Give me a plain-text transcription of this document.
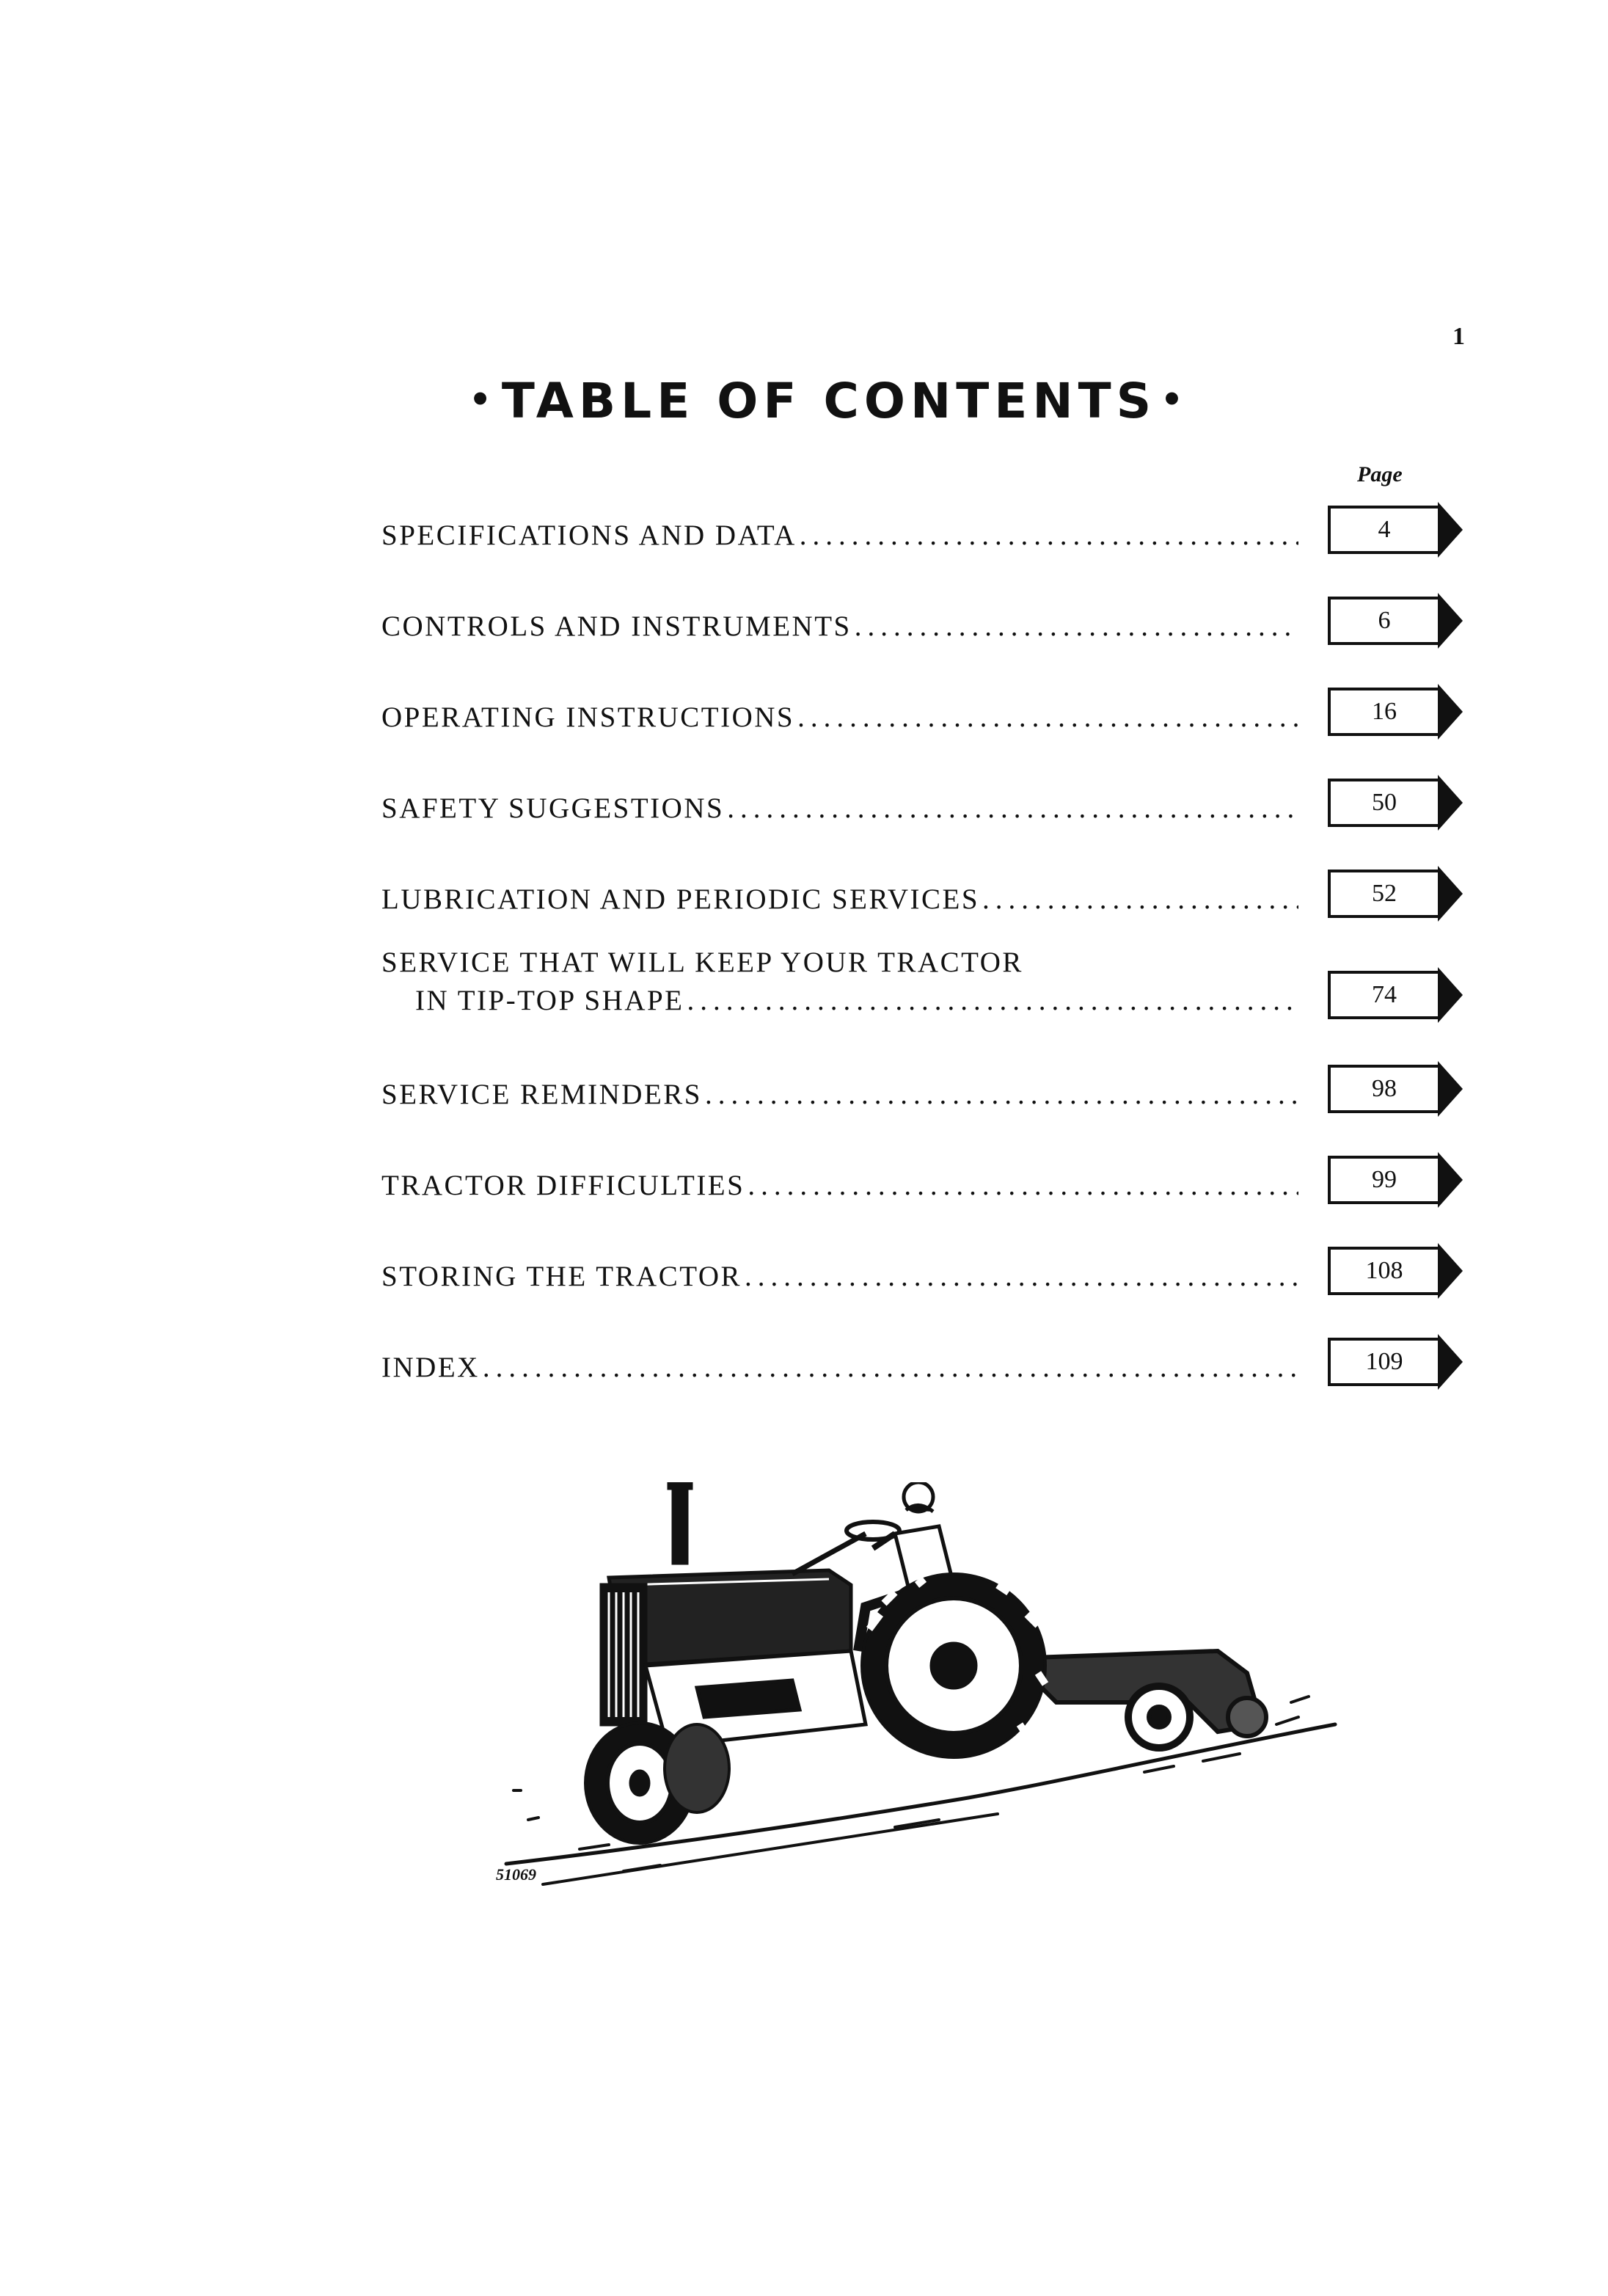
1
• TABLE OF CONTENTS •
Page
SPECIFICATIONS AND DATA .....	4
CONTROLS AND INSTRUMENTS .....	6
OPERATING INSTRUCTIONS .....	16
SAFETY SUGGESTIONS .....	50
LUBRICATION AND PERIODIC SERVICES .....	52
SERVICE THAT WILL KEEP YOUR TRACTOR
IN TIP-TOP SHAPE .....	74
SERVICE REMINDERS .....	98
TRACTOR DIFFICULTIES .....	99
STORING THE TRACTOR .....	108
INDEX .....	109
51069
